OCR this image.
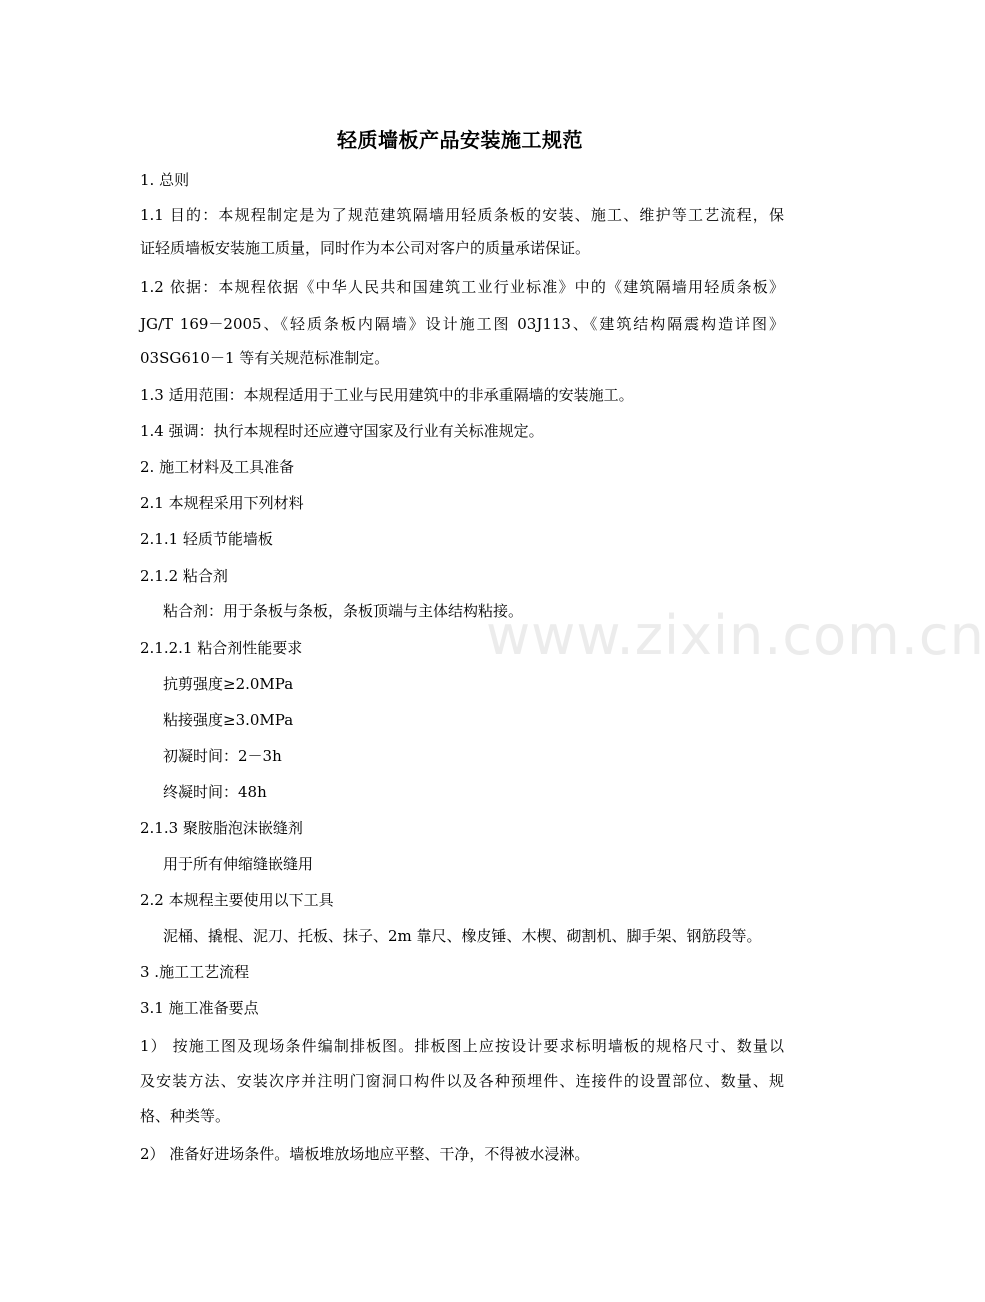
www.zixin.com.cn
轻质墙板产品安装施工规范
1. 总则
1.1 目的：本规程制定是为了规范建筑隔墙用轻质条板的安装、施工、维护等工艺流程，保
证轻质墙板安装施工质量，同时作为本公司对客户的质量承诺保证。
1.2 依据：本规程依据《中华人民共和国建筑工业行业标准》中的《建筑隔墙用轻质条板》
JG/T 169－2005、《轻质条板内隔墙》设计施工图 03J113、《建筑结构隔震构造详图》
03SG610－1 等有关规范标准制定。
1.3 适用范围：本规程适用于工业与民用建筑中的非承重隔墙的安装施工。
1.4 强调：执行本规程时还应遵守国家及行业有关标准规定。
2. 施工材料及工具准备
2.1 本规程采用下列材料
2.1.1 轻质节能墙板
2.1.2 粘合剂
粘合剂：用于条板与条板，条板顶端与主体结构粘接。
2.1.2.1 粘合剂性能要求
抗剪强度≥2.0MPa
粘接强度≥3.0MPa
初凝时间：2－3h
终凝时间：48h
2.1.3 聚胺脂泡沫嵌缝剂
用于所有伸缩缝嵌缝用
2.2 本规程主要使用以下工具
泥桶、撬棍、泥刀、托板、抹子、2m 靠尺、橡皮锤、木楔、砌割机、脚手架、钢筋段等。
3 .施工工艺流程
3.1 施工准备要点
1） 按施工图及现场条件编制排板图。排板图上应按设计要求标明墙板的规格尺寸、数量以
及安装方法、安装次序并注明门窗洞口构件以及各种预埋件、连接件的设置部位、数量、规
格、种类等。
2） 准备好进场条件。墙板堆放场地应平整、干净，不得被水浸淋。
